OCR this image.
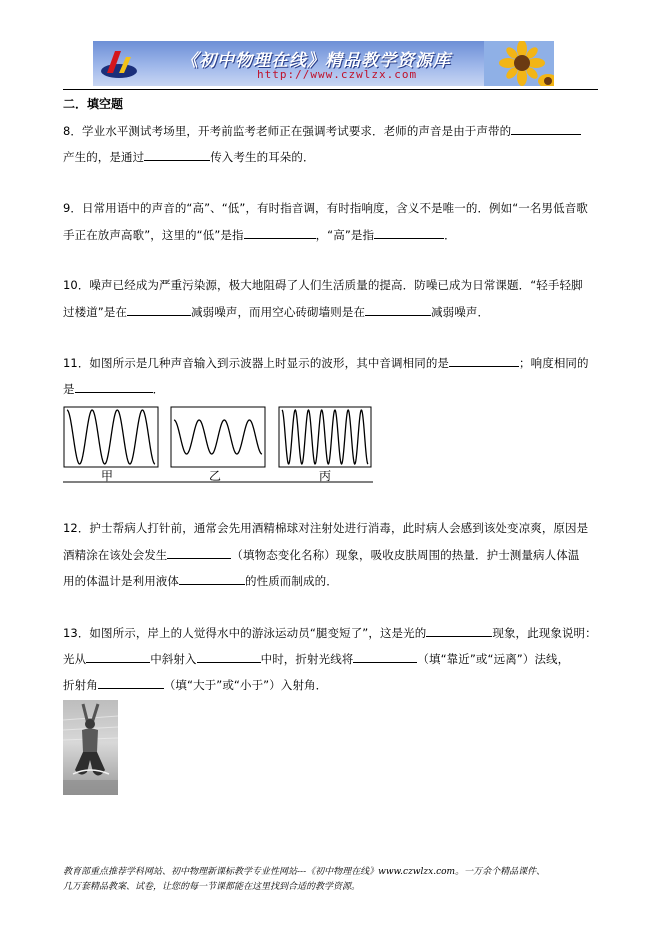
《初中物理在线》精品教学资源库
http://www.czwlzx.com
二．填空题
8．学业水平测试考场里，开考前监考老师正在强调考试要求．老师的声音是由于声带的
产生的，是通过	传入考生的耳朵的．
9．日常用语中的声音的“高”、“低”，有时指音调，有时指响度，含义不是唯一的．例如“一名男低音歌
手正在放声高歌”，这里的“低”是指	，“高”是指	．
10．噪声已经成为严重污染源，极大地阻碍了人们生活质量的提高．防噪已成为日常课题．“轻手轻脚
过楼道”是在	减弱噪声，而用空心砖砌墙则是在	减弱噪声．
11．如图所示是几种声音输入到示波器上时显示的波形，其中音调相同的是	；响度相同的
是	．
甲	乙	丙
12．护士帮病人打针前，通常会先用酒精棉球对注射处进行消毒，此时病人会感到该处变凉爽，原因是
酒精涂在该处会发生	（填物态变化名称）现象，吸收皮肤周围的热量．护士测量病人体温
用的体温计是利用液体	的性质而制成的．
13．如图所示，岸上的人觉得水中的游泳运动员“腿变短了”，这是光的	现象，此现象说明：
光从	中斜射入	中时，折射光线将	（填“靠近”或“远离”）法线，
折射角	（填“大于”或“小于”）入射角．
教育部重点推荐学科网站、初中物理新课标教学专业性网站---《初中物理在线》www.czwlzx.com。一万余个精品课件、
几万套精品教案、试卷，让您的每一节课都能在这里找到合适的教学资源。
